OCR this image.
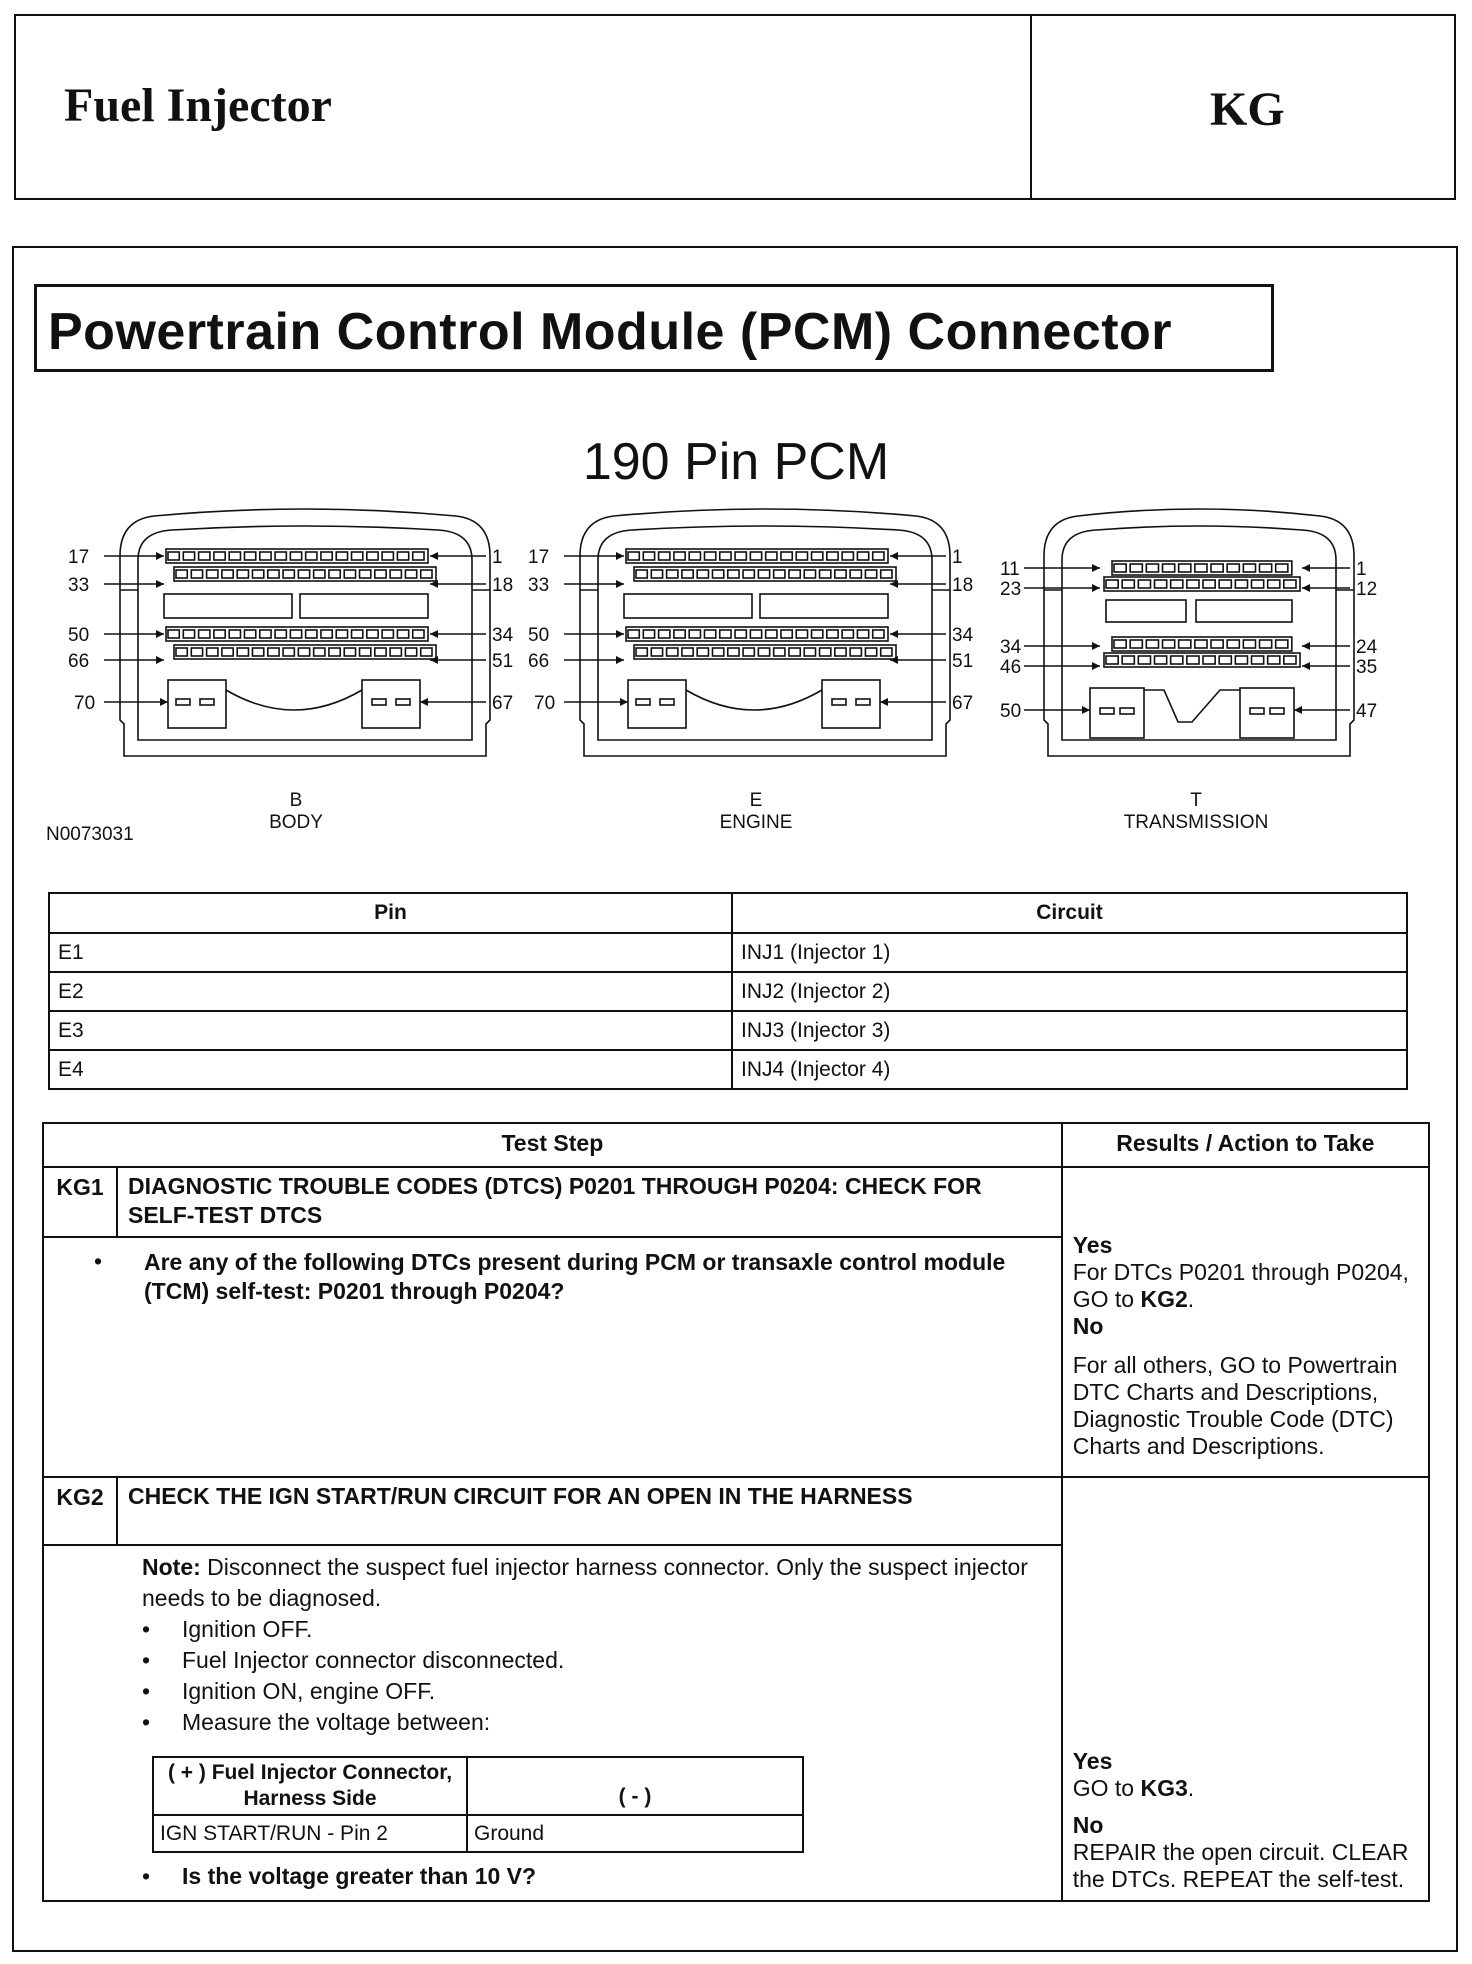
Fuel Injector	KG
Powertrain Control Module (PCM) Connector
190 Pin PCM
17
33
50
66
70
1
18
34
51
67
B
BODY
17
33
50
66
70
1
18
34
51
67
E
ENGINE
11
23
34
46
50
1
12
24
35
47
T
TRANSMISSION
N0073031
Pin	Circuit
E1	INJ1 (Injector 1)
E2	INJ2 (Injector 2)
E3	INJ3 (Injector 3)
E4	INJ4 (Injector 4)
Test Step	Results / Action to Take
KG1	DIAGNOSTIC TROUBLE CODES (DTCS) P0201 THROUGH P0204: CHECK FOR SELF-TEST DTCS	
Yes
For DTCs P0201 through P0204, GO to KG2.
No
For all others, GO to Powertrain DTC Charts and Descriptions,
Diagnostic Trouble Code (DTC) Charts and Descriptions.

• Are any of the following DTCs present during PCM or transaxle control module (TCM) self-test: P0201 through P0204?

KG2	CHECK THE IGN START/RUN CIRCUIT FOR AN OPEN IN THE HARNESS	
Yes
GO to KG3.
No
REPAIR the open circuit. CLEAR the DTCs. REPEAT the self-test.

Note: Disconnect the suspect fuel injector harness connector. Only the suspect injector needs to be diagnosed.
•	Ignition OFF.
•	Fuel Injector connector disconnected.
•	Ignition ON, engine OFF.
•	Measure the voltage between:
( + ) Fuel Injector Connector, Harness Side	( - )
IGN START/RUN - Pin 2	Ground
•	Is the voltage greater than 10 V?
